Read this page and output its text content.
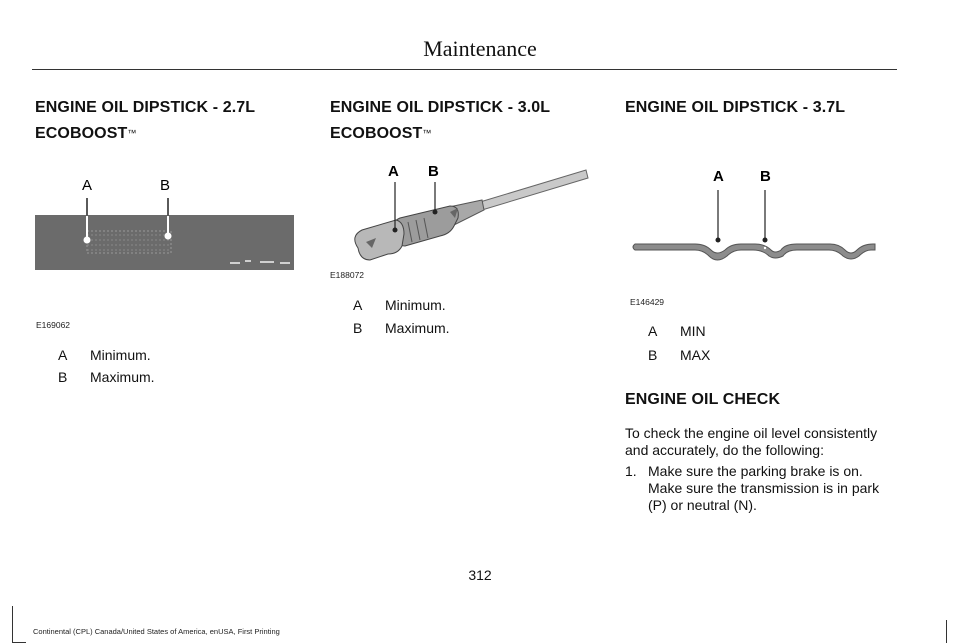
Maintenance
ENGINE OIL DIPSTICK - 2.7L
ECOBOOST™
A	B
E169062
A Minimum.
B Maximum.
ENGINE OIL DIPSTICK - 3.0L
ECOBOOST™
A B
E188072
A Minimum.
B Maximum.
ENGINE OIL DIPSTICK - 3.7L
A B
E146429
A MIN
B MAX
ENGINE OIL CHECK
To check the engine oil level consistently and accurately, do the following:
1. Make sure the parking brake is on. Make sure the transmission is in park (P) or neutral (N).
312
Continental (CPL) Canada/United States of America, enUSA, First Printing
